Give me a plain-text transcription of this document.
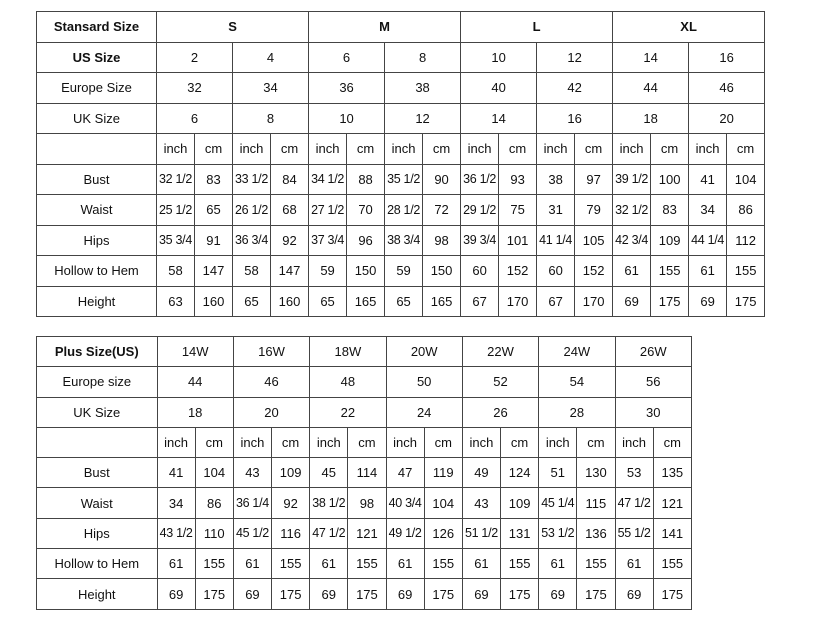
Stansard Size	S				M				L				XL			
US Size	2		4		6		8		10		12		14		16	
Europe Size	32		34		36		38		40		42		44		46	
UK Size	6		8		10		12		14		16		18		20	
	inch	cm	inch	cm	inch	cm	inch	cm	inch	cm	inch	cm	inch	cm	inch	cm
Bust	32 1/2	83	33 1/2	84	34 1/2	88	35 1/2	90	36 1/2	93	38	97	39 1/2	100	41	104
Waist	25 1/2	65	26 1/2	68	27 1/2	70	28 1/2	72	29 1/2	75	31	79	32 1/2	83	34	86
Hips	35 3/4	91	36 3/4	92	37 3/4	96	38 3/4	98	39 3/4	101	41 1/4	105	42 3/4	109	44 1/4	112
Hollow to Hem	58	147	58	147	59	150	59	150	60	152	60	152	61	155	61	155
Height	63	160	65	160	65	165	65	165	67	170	67	170	69	175	69	175
Plus Size(US)	14W		16W		18W		20W		22W		24W		26W	
Europe size	44		46		48		50		52		54		56	
UK Size	18		20		22		24		26		28		30	
	inch	cm	inch	cm	inch	cm	inch	cm	inch	cm	inch	cm	inch	cm
Bust	41	104	43	109	45	114	47	119	49	124	51	130	53	135
Waist	34	86	36 1/4	92	38 1/2	98	40 3/4	104	43	109	45 1/4	115	47 1/2	121
Hips	43 1/2	110	45 1/2	116	47 1/2	121	49 1/2	126	51 1/2	131	53 1/2	136	55 1/2	141
Hollow to Hem	61	155	61	155	61	155	61	155	61	155	61	155	61	155
Height	69	175	69	175	69	175	69	175	69	175	69	175	69	175
